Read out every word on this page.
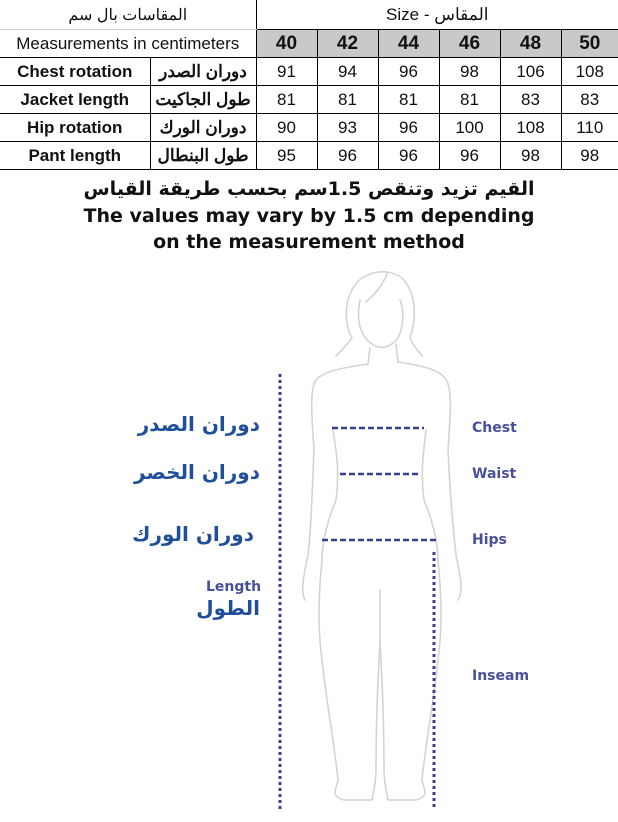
المقاسات بال سم		Size - المقاس					
Measurements in centimeters		40	42	44	46	48	50
Chest rotation	دوران الصدر	91	94	96	98	106	108
Jacket length	طول الجاكيت	81	81	81	81	83	83
Hip rotation	دوران الورك	90	93	96	100	108	110
Pant length	طول البنطال	95	96	96	96	98	98
القيم تزيد وتنقص 1.5سم بحسب طريقة القياس
The values may vary by 1.5 cm depending
on the measurement method
دوران الصدر
دوران الخصر
دوران الورك
Length
الطول
Chest
Waist
Hips
Inseam
